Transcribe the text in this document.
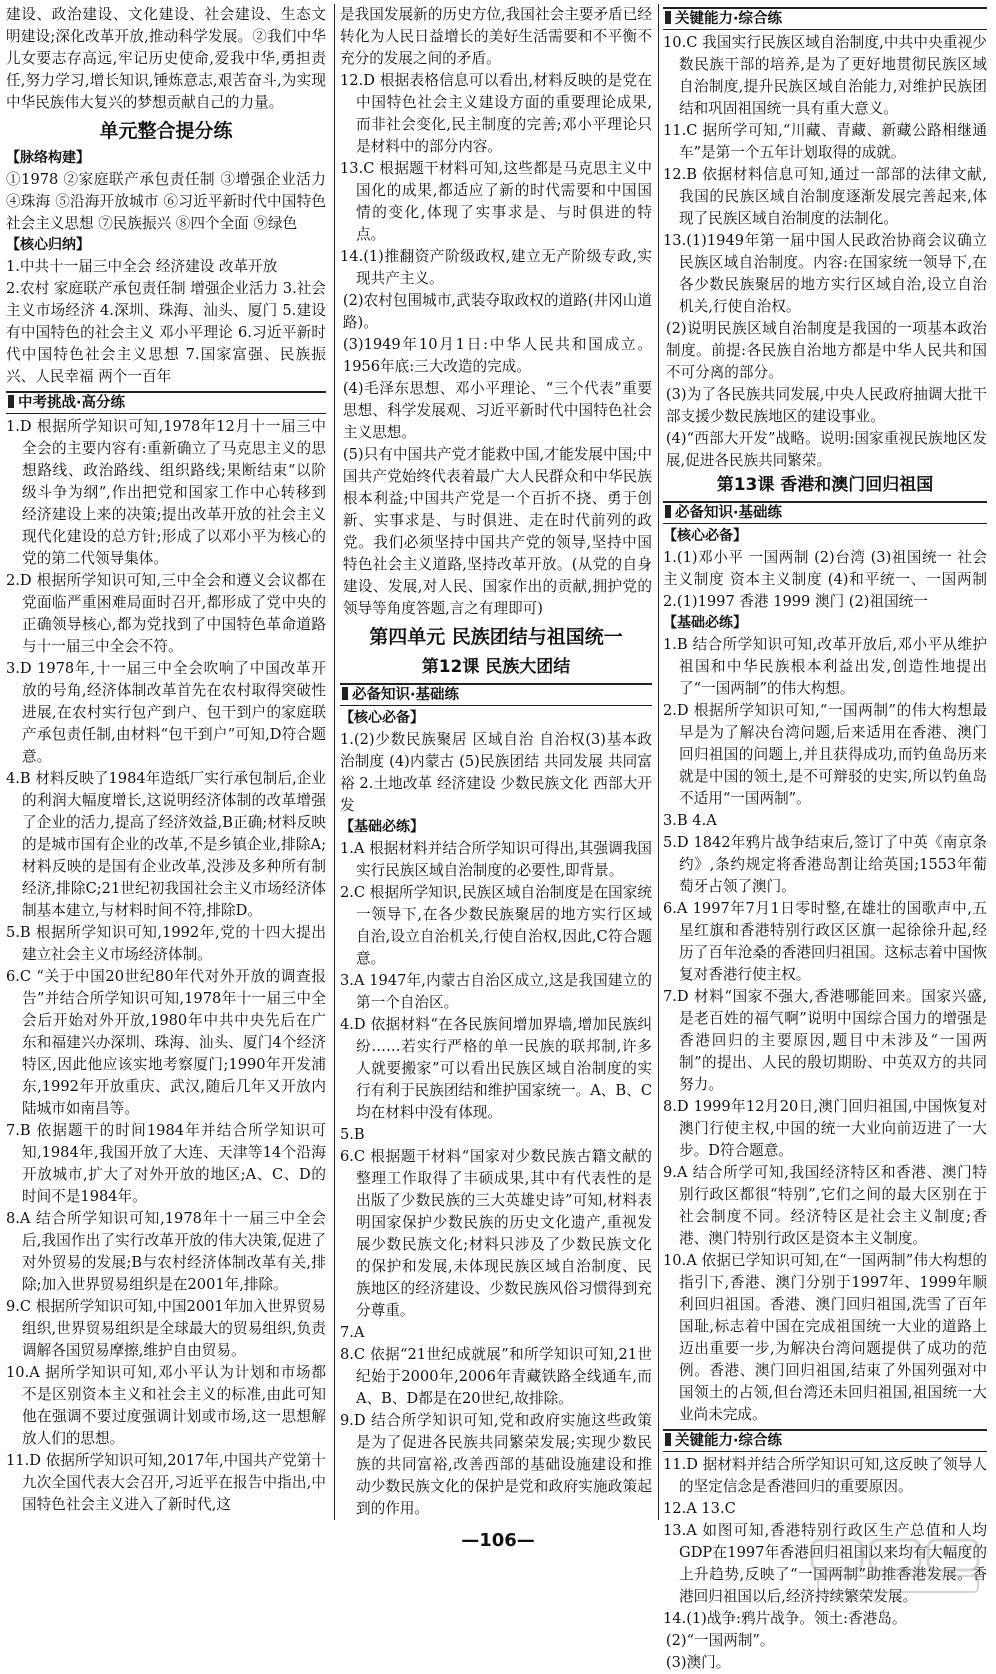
建设、政治建设、文化建设、社会建设、生态文明建设;深化改革开放,推动科学发展。②我们中华儿女要志存高远,牢记历史使命,爱我中华,勇担责任,努力学习,增长知识,锤炼意志,艰苦奋斗,为实现中华民族伟大复兴的梦想贡献自己的力量。

单元整合提分练
【脉络构建】

①1978 ②家庭联产承包责任制 ③增强企业活力 ④珠海 ⑤沿海开放城市 ⑥习近平新时代中国特色社会主义思想 ⑦民族振兴 ⑧四个全面 ⑨绿色

【核心归纳】

1.中共十一届三中全会 经济建设 改革开放

2.农村 家庭联产承包责任制 增强企业活力 3.社会主义市场经济 4.深圳、珠海、汕头、厦门 5.建设有中国特色的社会主义 邓小平理论 6.习近平新时代中国特色社会主义思想 7.国家富强、民族振兴、人民幸福 两个一百年

中考挑战·高分练

1.D 根据所学知识可知,1978年12月十一届三中全会的主要内容有:重新确立了马克思主义的思想路线、政治路线、组织路线;果断结束“以阶级斗争为纲”,作出把党和国家工作中心转移到经济建设上来的决策;提出改革开放的社会主义现代化建设的总方针;形成了以邓小平为核心的党的第二代领导集体。

2.D 根据所学知识可知,三中全会和遵义会议都在党面临严重困难局面时召开,都形成了党中央的正确领导核心,都为党找到了中国特色革命道路与十一届三中全会不符。

3.D 1978年,十一届三中全会吹响了中国改革开放的号角,经济体制改革首先在农村取得突破性进展,在农村实行包产到户、包干到户的家庭联产承包责任制,由材料“包干到户”可知,D符合题意。

4.B 材料反映了1984年造纸厂实行承包制后,企业的利润大幅度增长,这说明经济体制的改革增强了企业的活力,提高了经济效益,B正确;材料反映的是城市国有企业的改革,不是乡镇企业,排除A;材料反映的是国有企业改革,没涉及多种所有制经济,排除C;21世纪初我国社会主义市场经济体制基本建立,与材料时间不符,排除D。

5.B 根据所学知识可知,1992年,党的十四大提出建立社会主义市场经济体制。

6.C “关于中国20世纪80年代对外开放的调查报告”并结合所学知识可知,1978年十一届三中全会后开始对外开放,1980年中共中央先后在广东和福建兴办深圳、珠海、汕头、厦门4个经济特区,因此他应该实地考察厦门;1990年开发浦东,1992年开放重庆、武汉,随后几年又开放内陆城市如南昌等。

7.B 依据题干的时间1984年并结合所学知识可知,1984年,我国开放了大连、天津等14个沿海开放城市,扩大了对外开放的地区;A、C、D的时间不是1984年。

8.A 结合所学知识可知,1978年十一届三中全会后,我国作出了实行改革开放的伟大决策,促进了对外贸易的发展;B与农村经济体制改革有关,排除;加入世界贸易组织是在2001年,排除。

9.C 根据所学知识可知,中国2001年加入世界贸易组织,世界贸易组织是全球最大的贸易组织,负责调解各国贸易摩擦,维护自由贸易。

10.A 据所学知识可知,邓小平认为计划和市场都不是区别资本主义和社会主义的标准,由此可知他在强调不要过度强调计划或市场,这一思想解放人们的思想。

11.D 依据所学知识可知,2017年,中国共产党第十九次全国代表大会召开,习近平在报告中指出,中国特色社会主义进入了新时代,这

是我国发展新的历史方位,我国社会主要矛盾已经转化为人民日益增长的美好生活需要和不平衡不充分的发展之间的矛盾。

12.D 根据表格信息可以看出,材料反映的是党在中国特色社会主义建设方面的重要理论成果,而非社会变化,民主制度的完善;邓小平理论只是材料中的部分内容。

13.C 根据题干材料可知,这些都是马克思主义中国化的成果,都适应了新的时代需要和中国国情的变化,体现了实事求是、与时俱进的特点。

14.(1)推翻资产阶级政权,建立无产阶级专政,实现共产主义。

(2)农村包围城市,武装夺取政权的道路(井冈山道路)。

(3)1949年10月1日:中华人民共和国成立。1956年底:三大改造的完成。

(4)毛泽东思想、邓小平理论、“三个代表”重要思想、科学发展观、习近平新时代中国特色社会主义思想。

(5)只有中国共产党才能救中国,才能发展中国;中国共产党始终代表着最广大人民群众和中华民族根本利益;中国共产党是一个百折不挠、勇于创新、实事求是、与时俱进、走在时代前列的政党。我们必须坚持中国共产党的领导,坚持中国特色社会主义道路,坚持改革开放。(从党的自身建设、发展,对人民、国家作出的贡献,拥护党的领导等角度答题,言之有理即可)

第四单元 民族团结与祖国统一
第12课 民族大团结
必备知识·基础练
【核心必备】

1.(2)少数民族聚居 区域自治 自治权(3)基本政治制度 (4)内蒙古 (5)民族团结 共同发展 共同富裕 2.土地改革 经济建设 少数民族文化 西部大开发

【基础必练】

1.A 根据材料并结合所学知识可得出,其强调我国实行民族区域自治制度的必要性,即背景。

2.C 根据所学知识,民族区域自治制度是在国家统一领导下,在各少数民族聚居的地方实行区域自治,设立自治机关,行使自治权,因此,C符合题意。

3.A 1947年,内蒙古自治区成立,这是我国建立的第一个自治区。

4.D 依据材料“在各民族间增加界墙,增加民族纠纷……若实行严格的单一民族的联邦制,许多人就要搬家”可以看出民族区域自治制度的实行有利于民族团结和维护国家统一。A、B、C均在材料中没有体现。

5.B

6.C 根据题干材料“国家对少数民族古籍文献的整理工作取得了丰硕成果,其中有代表性的是出版了少数民族的三大英雄史诗”可知,材料表明国家保护少数民族的历史文化遗产,重视发展少数民族文化;材料只涉及了少数民族文化的保护和发展,未体现民族区域自治制度、民族地区的经济建设、少数民族风俗习惯得到充分尊重。

7.A

8.C 依据“21世纪成就展”和所学知识可知,21世纪始于2000年,2006年青藏铁路全线通车,而A、B、D都是在20世纪,故排除。

9.D 结合所学知识可知,党和政府实施这些政策是为了促进各民族共同繁荣发展;实现少数民族的共同富裕,改善西部的基础设施建设和推动少数民族文化的保护是党和政府实施政策起到的作用。

关键能力·综合练

10.C 我国实行民族区域自治制度,中共中央重视少数民族干部的培养,是为了更好地贯彻民族区域自治制度,提升民族区域自治能力,对维护民族团结和巩固祖国统一具有重大意义。

11.C 据所学可知,“川藏、青藏、新藏公路相继通车”是第一个五年计划取得的成就。

12.B 依据材料信息可知,通过一部部的法律文献,我国的民族区域自治制度逐渐发展完善起来,体现了民族区域自治制度的法制化。

13.(1)1949年第一届中国人民政治协商会议确立民族区域自治制度。内容:在国家统一领导下,在各少数民族聚居的地方实行区域自治,设立自治机关,行使自治权。

(2)说明民族区域自治制度是我国的一项基本政治制度。前提:各民族自治地方都是中华人民共和国不可分离的部分。

(3)为了各民族共同发展,中央人民政府抽调大批干部支援少数民族地区的建设事业。

(4)“西部大开发”战略。说明:国家重视民族地区发展,促进各民族共同繁荣。

第13课 香港和澳门回归祖国
必备知识·基础练
【核心必备】

1.(1)邓小平 一国两制 (2)台湾 (3)祖国统一 社会主义制度 资本主义制度 (4)和平统一、一国两制 2.(1)1997 香港 1999 澳门 (2)祖国统一

【基础必练】

1.B 结合所学知识可知,改革开放后,邓小平从维护祖国和中华民族根本利益出发,创造性地提出了“一国两制”的伟大构想。

2.D 根据所学知识可知,“一国两制”的伟大构想最早是为了解决台湾问题,后来适用在香港、澳门回归祖国的问题上,并且获得成功,而钓鱼岛历来就是中国的领土,是不可辩驳的史实,所以钓鱼岛不适用“一国两制”。

3.B 4.A

5.D 1842年鸦片战争结束后,签订了中英《南京条约》,条约规定将香港岛割让给英国;1553年葡萄牙占领了澳门。

6.A 1997年7月1日零时整,在雄壮的国歌声中,五星红旗和香港特别行政区区旗一起徐徐升起,经历了百年沧桑的香港回归祖国。这标志着中国恢复对香港行使主权。

7.D 材料“国家不强大,香港哪能回来。国家兴盛,是老百姓的福气啊”说明中国综合国力的增强是香港回归的主要原因,题目中未涉及“一国两制”的提出、人民的殷切期盼、中英双方的共同努力。

8.D 1999年12月20日,澳门回归祖国,中国恢复对澳门行使主权,中国的统一大业向前迈进了一大步。D符合题意。

9.A 结合所学可知,我国经济特区和香港、澳门特别行政区都很“特别”,它们之间的最大区别在于社会制度不同。经济特区是社会主义制度;香港、澳门特别行政区是资本主义制度。

10.A 依据已学知识可知,在“一国两制”伟大构想的指引下,香港、澳门分别于1997年、1999年顺利回归祖国。香港、澳门回归祖国,洗雪了百年国耻,标志着中国在完成祖国统一大业的道路上迈出重要一步,为解决台湾问题提供了成功的范例。香港、澳门回归祖国,结束了外国列强对中国领土的占领,但台湾还未回归祖国,祖国统一大业尚未完成。

关键能力·综合练

11.D 据材料并结合所学知识可知,这反映了领导人的坚定信念是香港回归的重要原因。

12.A 13.C

13.A 如图可知,香港特别行政区生产总值和人均GDP在1997年香港回归祖国以来均有大幅度的上升趋势,反映了“一国两制”助推香港发展。香港回归祖国以后,经济持续繁荣发展。

14.(1)战争:鸦片战争。领土:香港岛。

(2)“一国两制”。

(3)澳门。

—106—
